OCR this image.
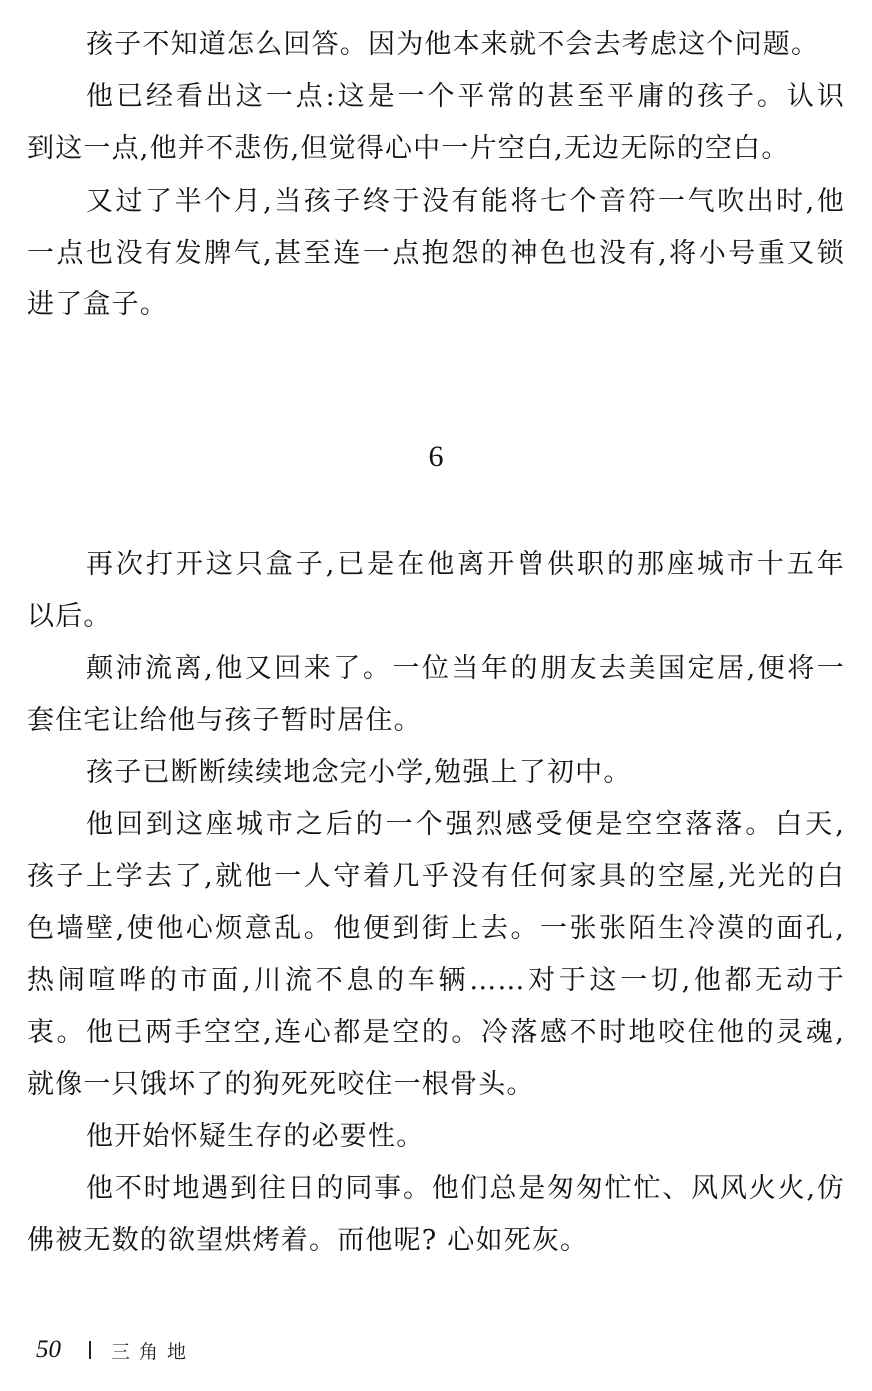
孩子不知道怎么回答。因为他本来就不会去考虑这个问题。
他已经看出这一点:这是一个平常的甚至平庸的孩子。认识
到这一点,他并不悲伤,但觉得心中一片空白,无边无际的空白。
又过了半个月,当孩子终于没有能将七个音符一气吹出时,他
一点也没有发脾气,甚至连一点抱怨的神色也没有,将小号重又锁
进了盒子。
6
再次打开这只盒子,已是在他离开曾供职的那座城市十五年
以后。
颠沛流离,他又回来了。一位当年的朋友去美国定居,便将一
套住宅让给他与孩子暂时居住。
孩子已断断续续地念完小学,勉强上了初中。
他回到这座城市之后的一个强烈感受便是空空落落。白天,
孩子上学去了,就他一人守着几乎没有任何家具的空屋,光光的白
色墙壁,使他心烦意乱。他便到街上去。一张张陌生冷漠的面孔,
热闹喧哗的市面,川流不息的车辆……对于这一切,他都无动于
衷。他已两手空空,连心都是空的。冷落感不时地咬住他的灵魂,
就像一只饿坏了的狗死死咬住一根骨头。
他开始怀疑生存的必要性。
他不时地遇到往日的同事。他们总是匆匆忙忙、风风火火,仿
佛被无数的欲望烘烤着。而他呢? 心如死灰。
50	三角地
